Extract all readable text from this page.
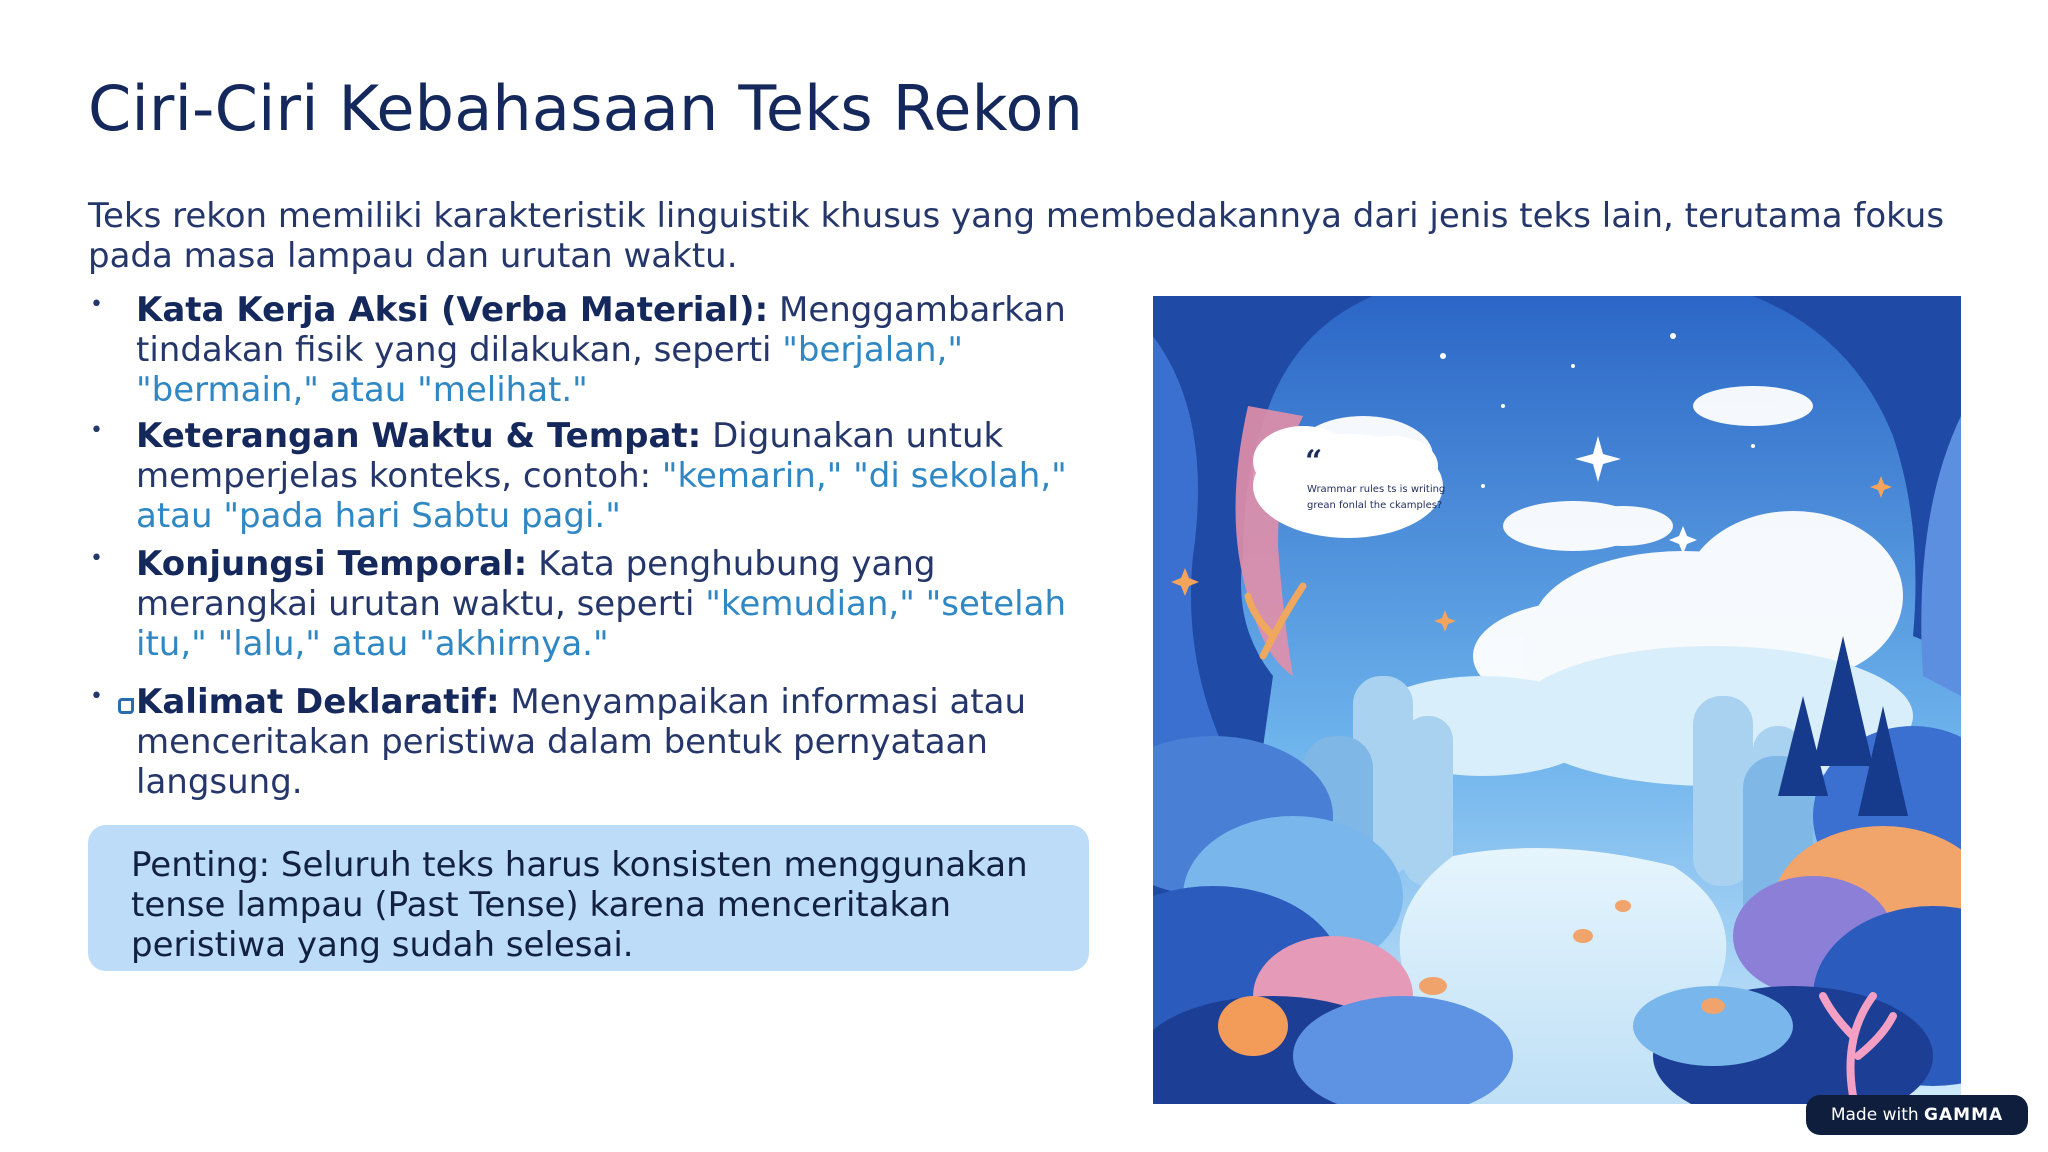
Ciri-Ciri Kebahasaan Teks Rekon
Teks rekon memiliki karakteristik linguistik khusus yang membedakannya dari jenis teks lain, terutama fokus pada masa lampau dan urutan waktu.
• Kata Kerja Aksi (Verba Material): Menggambarkan tindakan fisik yang dilakukan, seperti "berjalan," "bermain," atau "melihat."
• Keterangan Waktu & Tempat: Digunakan untuk memperjelas konteks, contoh: "kemarin," "di sekolah," atau "pada hari Sabtu pagi."
• Konjungsi Temporal: Kata penghubung yang merangkai urutan waktu, seperti "kemudian," "setelah itu," "lalu," atau "akhirnya."
• Kalimat Deklaratif: Menyampaikan informasi atau menceritakan peristiwa dalam bentuk pernyataan langsung.
Penting: Seluruh teks harus konsisten menggunakan tense lampau (Past Tense) karena menceritakan peristiwa yang sudah selesai.
“
Wrammar rules ts is writing
grean fonlal the ckamples?
Made with GAMMA
